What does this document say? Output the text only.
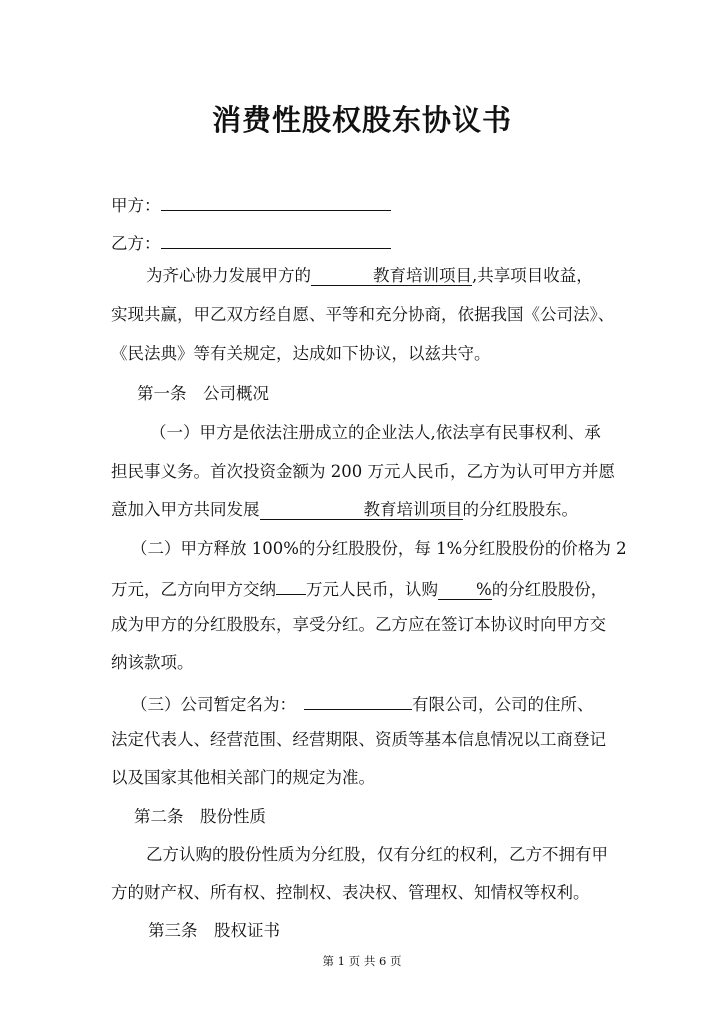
消费性股权股东协议书
甲方：
乙方：
为齐心协力发展甲方的	教育培训项目,共享项目收益，
实现共赢，甲乙双方经自愿、平等和充分协商，依据我国《公司法》、
《民法典》等有关规定，达成如下协议，以兹共守。
第一条　公司概况
（一）甲方是依法注册成立的企业法人,依法享有民事权利、承
担民事义务。首次投资金额为 200 万元人民币，乙方为认可甲方并愿
意加入甲方共同发展	教育培训项目的分红股股东。
（二）甲方释放 100%的分红股股份，每 1%分红股股份的价格为 2
万元，乙方向甲方交纳 万元人民币，认购 %的分红股股份，
成为甲方的分红股股东，享受分红。乙方应在签订本协议时向甲方交
纳该款项。
（三）公司暂定名为：	有限公司，公司的住所、
法定代表人、经营范围、经营期限、资质等基本信息情况以工商登记
以及国家其他相关部门的规定为准。
第二条　股份性质
乙方认购的股份性质为分红股，仅有分红的权利，乙方不拥有甲
方的财产权、所有权、控制权、表决权、管理权、知情权等权利。
第三条　股权证书
第 1 页 共 6 页
